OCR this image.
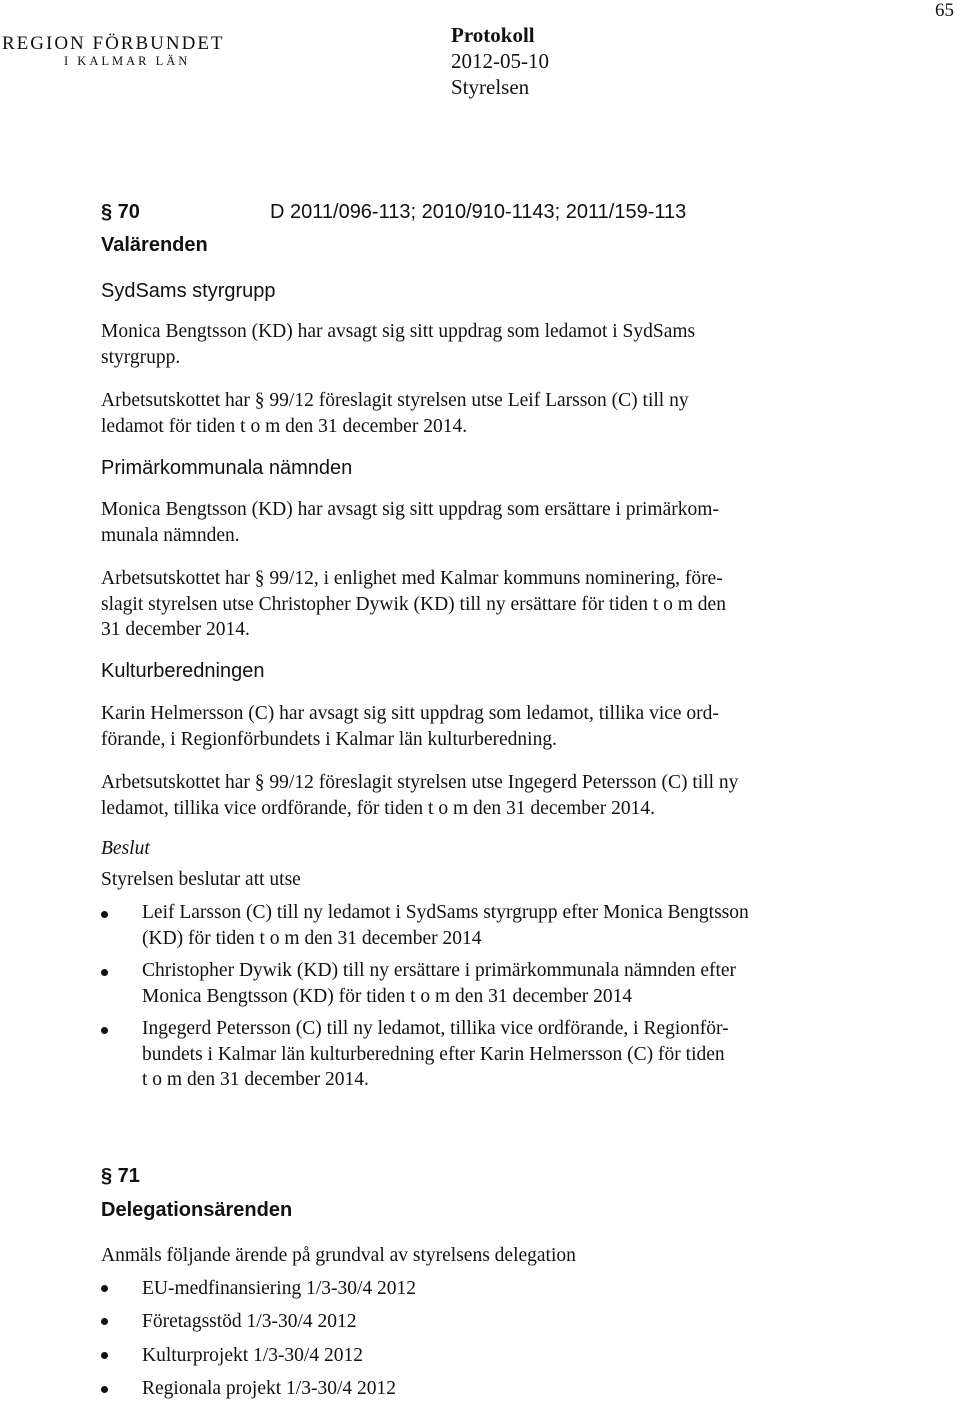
65
REGION FÖRBUNDET
I KALMAR LÄN
Protokoll
2012-05-10
Styrelsen
§ 70	D 2011/096-113; 2010/910-1143; 2011/159-113
Valärenden
SydSams styrgrupp
Monica Bengtsson (KD) har avsagt sig sitt uppdrag som ledamot i SydSams
styrgrupp.
Arbetsutskottet har § 99/12 föreslagit styrelsen utse Leif Larsson (C) till ny
ledamot för tiden t o m den 31 december 2014.
Primärkommunala nämnden
Monica Bengtsson (KD) har avsagt sig sitt uppdrag som ersättare i primärkom-
munala nämnden.
Arbetsutskottet har § 99/12, i enlighet med Kalmar kommuns nominering, före-
slagit styrelsen utse Christopher Dywik (KD) till ny ersättare för tiden t o m den
31 december 2014.
Kulturberedningen
Karin Helmersson (C) har avsagt sig sitt uppdrag som ledamot, tillika vice ord-
förande, i Regionförbundets i Kalmar län kulturberedning.
Arbetsutskottet har § 99/12 föreslagit styrelsen utse Ingegerd Petersson (C) till ny
ledamot, tillika vice ordförande, för tiden t o m den 31 december 2014.
Beslut
Styrelsen beslutar att utse
Leif Larsson (C) till ny ledamot i SydSams styrgrupp efter Monica Bengtsson
(KD) för tiden t o m den 31 december 2014
Christopher Dywik (KD) till ny ersättare i primärkommunala nämnden efter
Monica Bengtsson (KD) för tiden t o m den 31 december 2014
Ingegerd Petersson (C) till ny ledamot, tillika vice ordförande, i Regionför-
bundets i Kalmar län kulturberedning efter Karin Helmersson (C) för tiden
t o m den 31 december 2014.
§ 71
Delegationsärenden
Anmäls följande ärende på grundval av styrelsens delegation
EU-medfinansiering 1/3-30/4 2012
Företagsstöd 1/3-30/4 2012
Kulturprojekt 1/3-30/4 2012
Regionala projekt 1/3-30/4 2012
